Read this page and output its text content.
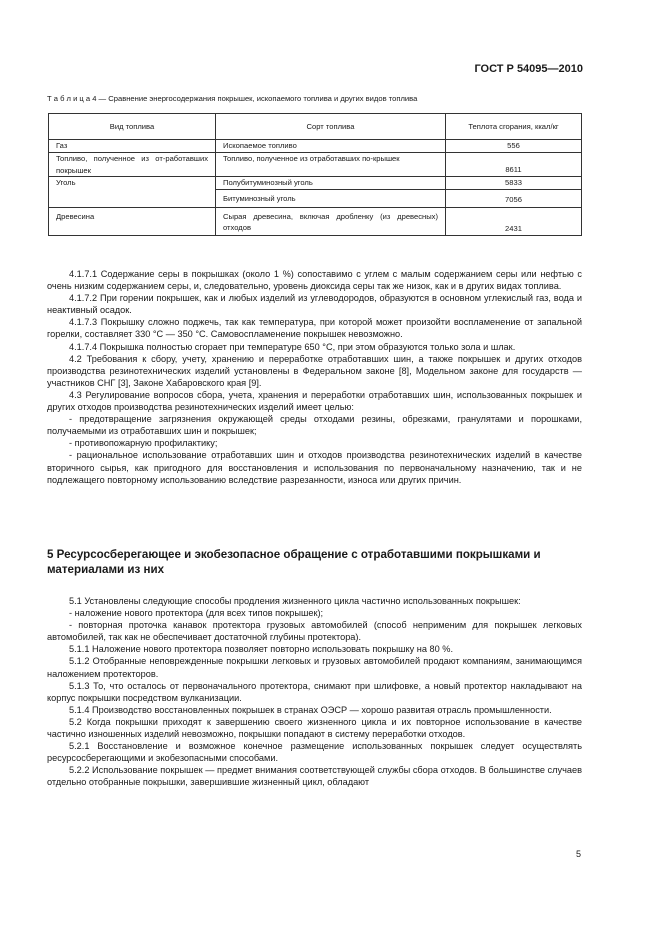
ГОСТ Р 54095—2010
Т а б л и ц а 4 — Сравнение энергосодержания покрышек, ископаемого топлива и других видов топлива
Вид топлива	Сорт топлива	Теплота сгорания, ккал/кг
Газ	Ископаемое топливо	556
Топливо, полученное из от-работавших покрышек	Топливо, полученное из отработавших по-крышек	8611
Уголь	Полубитуминозный уголь	5833
	Битуминозный уголь	7056
Древесина	Сырая древесина, включая дробленку (из древесных) отходов	2431

4.1.7.1 Содержание серы в покрышках (около 1 %) сопоставимо с углем с малым содержанием серы или нефтью с очень низким содержанием серы, и, следовательно, уровень диоксида серы так же низок, как и в других видах топлива.

4.1.7.2 При горении покрышек, как и любых изделий из углеводородов, образуются в основном углекислый газ, вода и неактивный осадок.

4.1.7.3 Покрышку сложно поджечь, так как температура, при которой может произойти воспламенение от запальной горелки, составляет 330 °С — 350 °С. Самовоспламенение покрышек невозможно.

4.1.7.4 Покрышка полностью сгорает при температуре 650 °С, при этом образуются только зола и шлак.

4.2 Требования к сбору, учету, хранению и переработке отработавших шин, а также покрышек и других отходов производства резинотехнических изделий установлены в Федеральном законе [8], Модельном законе для государств — участников СНГ [3], Законе Хабаровского края [9].

4.3 Регулирование вопросов сбора, учета, хранения и переработки отработавших шин, использованных покрышек и других отходов производства резинотехнических изделий имеет целью:

- предотвращение загрязнения окружающей среды отходами резины, обрезками, гранулятами и порошками, получаемыми из отработавших шин и покрышек;

- противопожарную профилактику;

- рациональное использование отработавших шин и отходов производства резинотехнических изделий в качестве вторичного сырья, как пригодного для восстановления и использования по первоначальному назначению, так и не подлежащего повторному использованию вследствие разрезанности, износа или других причин.

5 Ресурсосберегающее и экобезопасное обращение с отработавшими покрышками и материалами из них

5.1 Установлены следующие способы продления жизненного цикла частично использованных покрышек:

- наложение нового протектора (для всех типов покрышек);

- повторная проточка канавок протектора грузовых автомобилей (способ неприменим для покрышек легковых автомобилей, так как не обеспечивает достаточной глубины протектора).

5.1.1 Наложение нового протектора позволяет повторно использовать покрышку на 80 %.

5.1.2 Отобранные неповрежденные покрышки легковых и грузовых автомобилей продают компаниям, занимающимся наложением протекторов.

5.1.3 То, что осталось от первоначального протектора, снимают при шлифовке, а новый протектор накладывают на корпус покрышки посредством вулканизации.

5.1.4 Производство восстановленных покрышек в странах ОЭСР — хорошо развитая отрасль промышленности.

5.2 Когда покрышки приходят к завершению своего жизненного цикла и их повторное использование в качестве частично изношенных изделий невозможно, покрышки попадают в систему переработки отходов.

5.2.1 Восстановление и возможное конечное размещение использованных покрышек следует осуществлять ресурсосберегающими и экобезопасными способами.

5.2.2 Использование покрышек — предмет внимания соответствующей службы сбора отходов. В большинстве случаев отдельно отобранные покрышки, завершившие жизненный цикл, обладают

5
